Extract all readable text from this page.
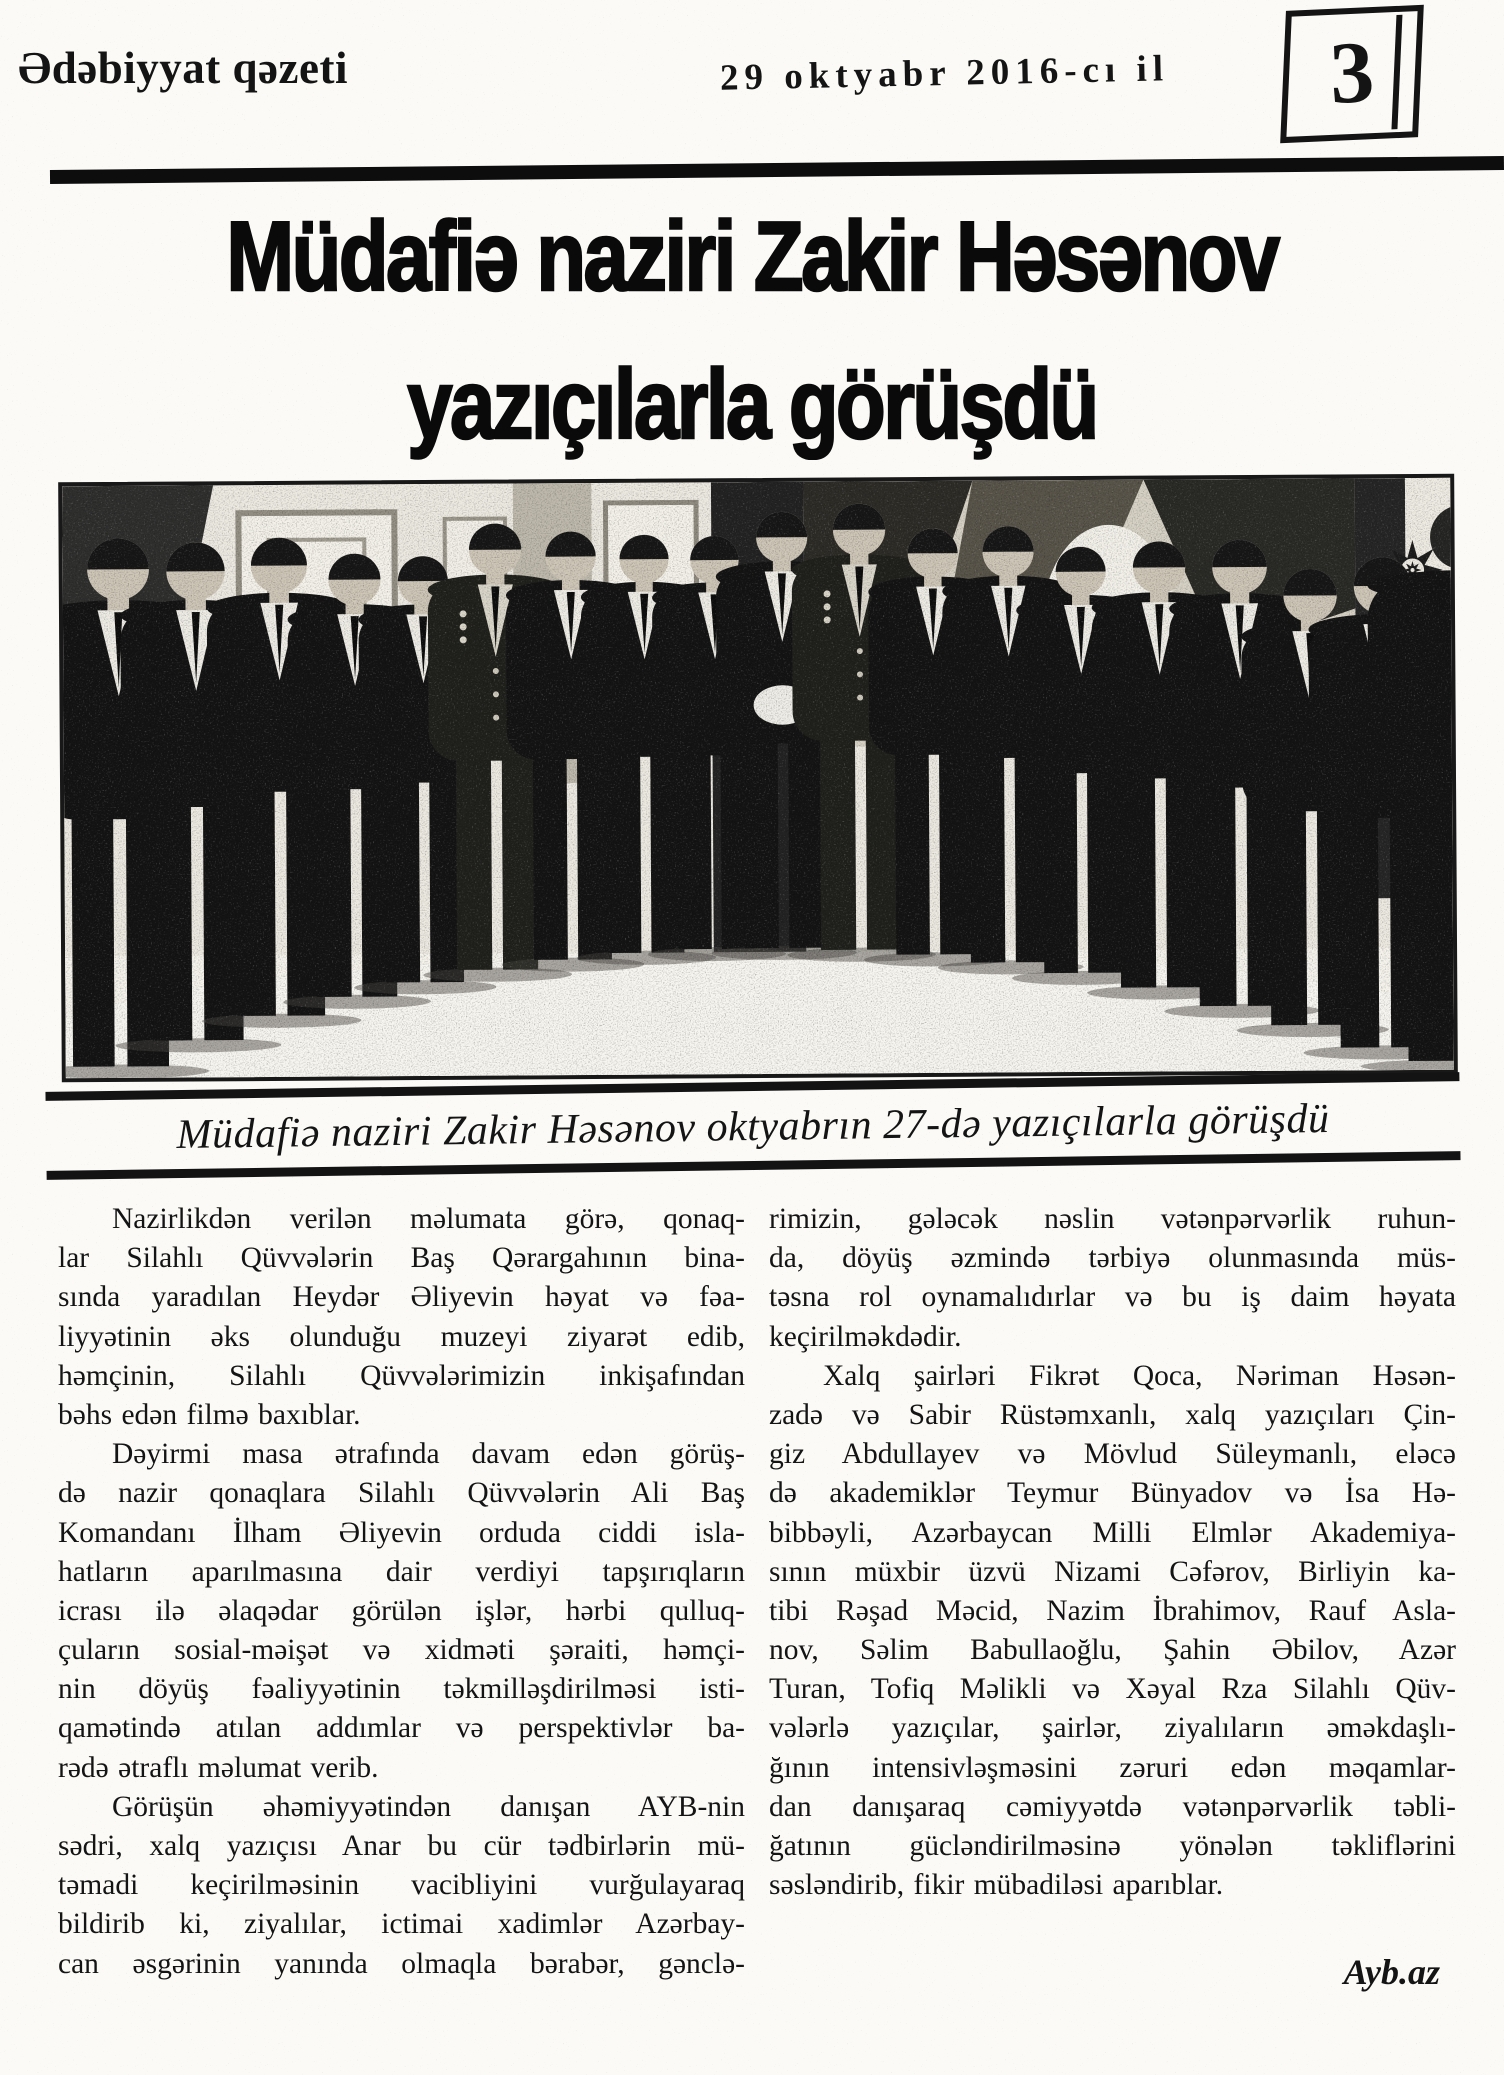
Ədəbiyyat qəzeti	29 oktyabr 2016-cı il 3
Müdafiə naziri Zakir Həsənov
yazıçılarla görüşdü
Müdafiə naziri Zakir Həsənov oktyabrın 27-də yazıçılarla görüşdü
Nazirlikdən verilən məlumata görə, qonaq-
lar Silahlı Qüvvələrin Baş Qərargahının bina-
sında yaradılan Heydər Əliyevin həyat və fəa-
liyyətinin əks olunduğu muzeyi ziyarət edib,
həmçinin, Silahlı Qüvvələrimizin inkişafından
bəhs edən filmə baxıblar.
Dəyirmi masa ətrafında davam edən görüş-
də nazir qonaqlara Silahlı Qüvvələrin Ali Baş
Komandanı İlham Əliyevin orduda ciddi isla-
hatların aparılmasına dair verdiyi tapşırıqların
icrası ilə əlaqədar görülən işlər, hərbi qulluq-
çuların sosial-məişət və xidməti şəraiti, həmçi-
nin döyüş fəaliyyətinin təkmilləşdirilməsi isti-
qamətində atılan addımlar və perspektivlər ba-
rədə ətraflı məlumat verib.
Görüşün əhəmiyyətindən danışan AYB-nin
sədri, xalq yazıçısı Anar bu cür tədbirlərin mü-
təmadi keçirilməsinin vacibliyini vurğulayaraq
bildirib ki, ziyalılar, ictimai xadimlər Azərbay-
can əsgərinin yanında olmaqla bərabər, gənclə-
rimizin, gələcək nəslin vətənpərvərlik ruhun-
da, döyüş əzmində tərbiyə olunmasında müs-
təsna rol oynamalıdırlar və bu iş daim həyata
keçirilməkdədir.
Xalq şairləri Fikrət Qoca, Nəriman Həsən-
zadə və Sabir Rüstəmxanlı, xalq yazıçıları Çin-
giz Abdullayev və Mövlud Süleymanlı, eləcə
də akademiklər Teymur Bünyadov və İsa Hə-
bibbəyli, Azərbaycan Milli Elmlər Akademiya-
sının müxbir üzvü Nizami Cəfərov, Birliyin ka-
tibi Rəşad Məcid, Nazim İbrahimov, Rauf Asla-
nov, Səlim Babullaoğlu, Şahin Əbilov, Azər
Turan, Tofiq Məlikli və Xəyal Rza Silahlı Qüv-
vələrlə yazıçılar, şairlər, ziyalıların əməkdaşlı-
ğının intensivləşməsini zəruri edən məqamlar-
dan danışaraq cəmiyyətdə vətənpərvərlik təbli-
ğatının gücləndirilməsinə yönələn təkliflərini
səsləndirib, fikir mübadiləsi aparıblar.
Ayb.az
